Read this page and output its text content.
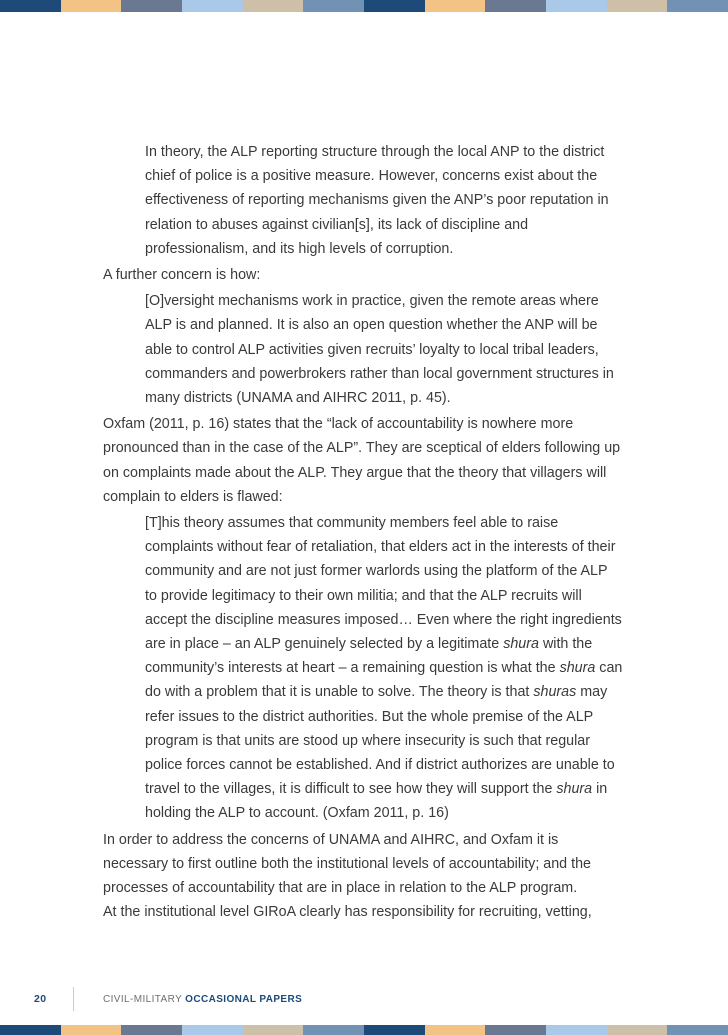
In theory, the ALP reporting structure through the local ANP to the district chief of police is a positive measure. However, concerns exist about the effectiveness of reporting mechanisms given the ANP’s poor reputation in relation to abuses against civilian[s], its lack of discipline and professionalism, and its high levels of corruption.

A further concern is how:

[O]versight mechanisms work in practice, given the remote areas where ALP is and planned. It is also an open question whether the ANP will be able to control ALP activities given recruits’ loyalty to local tribal leaders, commanders and powerbrokers rather than local government structures in many districts (UNAMA and AIHRC 2011, p. 45).

Oxfam (2011, p. 16) states that the “lack of accountability is nowhere more pronounced than in the case of the ALP”. They are sceptical of elders following up on complaints made about the ALP. They argue that the theory that villagers will complain to elders is flawed:

[T]his theory assumes that community members feel able to raise complaints without fear of retaliation, that elders act in the interests of their community and are not just former warlords using the platform of the ALP to provide legitimacy to their own militia; and that the ALP recruits will accept the discipline measures imposed… Even where the right ingredients are in place – an ALP genuinely selected by a legitimate shura with the community’s interests at heart – a remaining question is what the shura can do with a problem that it is unable to solve. The theory is that shuras may refer issues to the district authorities. But the whole premise of the ALP program is that units are stood up where insecurity is such that regular police forces cannot be established. And if district authorizes are unable to travel to the villages, it is difficult to see how they will support the shura in holding the ALP to account. (Oxfam 2011, p. 16)

In order to address the concerns of UNAMA and AIHRC, and Oxfam it is necessary to first outline both the institutional levels of accountability; and the processes of accountability that are in place in relation to the ALP program.

At the institutional level GIRoA clearly has responsibility for recruiting, vetting,

20	CIVIL-MILITARY OCCASIONAL PAPERS
